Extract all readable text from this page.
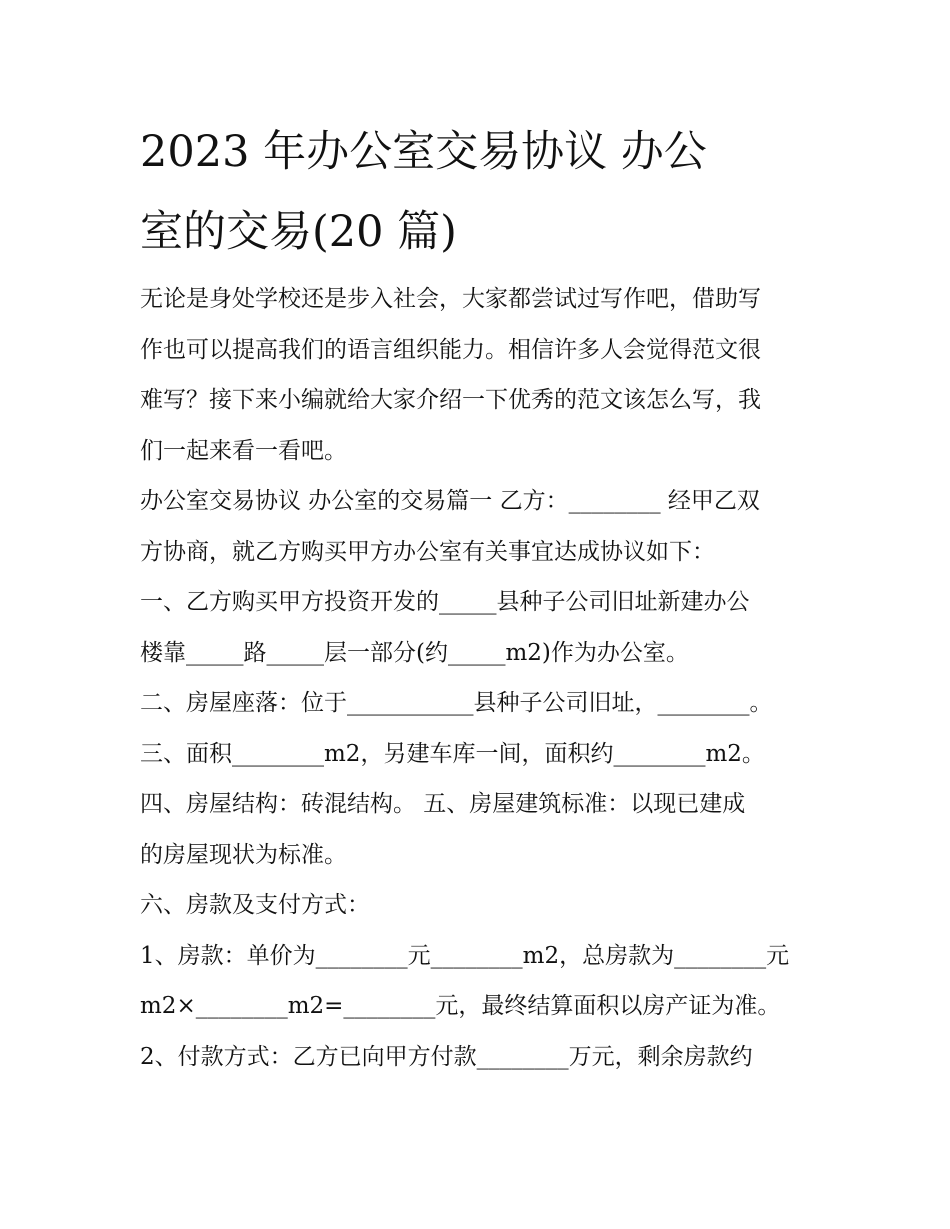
2023 年办公室交易协议 办公
室的交易(20 篇)

无论是身处学校还是步入社会，大家都尝试过写作吧，借助写

作也可以提高我们的语言组织能力。相信许多人会觉得范文很

难写？接下来小编就给大家介绍一下优秀的范文该怎么写，我

们一起来看一看吧。

办公室交易协议 办公室的交易篇一 乙方：________ 经甲乙双

方协商，就乙方购买甲方办公室有关事宜达成协议如下：

一、乙方购买甲方投资开发的_____县种子公司旧址新建办公

楼靠_____路_____层一部分(约_____m2)作为办公室。

二、房屋座落：位于___________县种子公司旧址，________。

三、面积________m2，另建车库一间，面积约________m2。

四、房屋结构：砖混结构。 五、房屋建筑标准：以现已建成

的房屋现状为标准。

六、房款及支付方式：

1、房款：单价为________元________m2，总房款为________元

m2×________m2=________元，最终结算面积以房产证为准。

2、付款方式：乙方已向甲方付款________万元，剩余房款约
